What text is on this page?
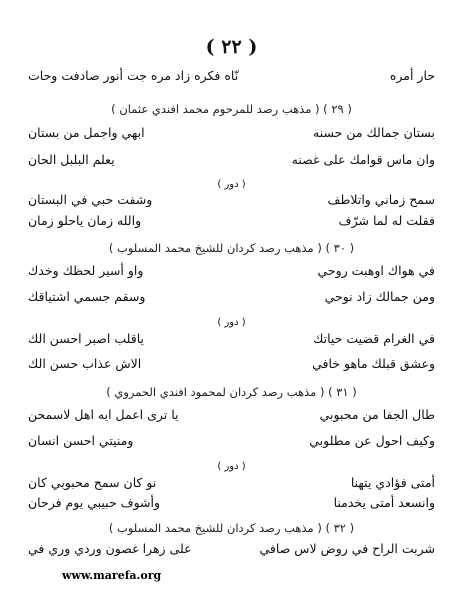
( ٢٢ )
حار أمره
نّاه فكره زاد مره جت أنور صادفت وحات
( ٢٩ ) ( مذهب رصد للمرحوم محمد افندي عثمان )
بستان جمالك من حسنه
ابهي واجمل من بستان
وان ماس قوامك على غصنه
يعلم البلبل الحان
( دور )
سمح زماني واتلاطف
وشفت حبي في البستان
فقلت له لما شرّف
والله زمان ياحلو زمان
( ٣٠ ) ( مذهب رصد كردان للشيخ محمد المسلوب )
في هواك اوهبت روحي
واو أسير لحظك وخدك
ومن جمالك زاد نوحي
وسقم جسمي اشتياقك
( دور )
في الغرام قضيت حياتك
ياقلب اصبر احسن الك
وعشق قبلك ماهو خافي
الاش عذاب حسن الك
( ٣١ ) ( مذهب رصد كردان لمحمود افندي الحمروي )
طال الجفا من محبوبي
يا ترى اعمل ايه اهل لاسمحن
وكيف احول عن مطلوبي
ومنيتي احسن انسان
( دور )
أمتى فؤادي يتهنا
نو كان سمح محبوبي كان
وانسعد أمتى يخدمنا
وأشوف حبيبي يوم فرحان
( ٣٢ ) ( مذهب رصد كردان للشيخ محمد المسلوب )
شربت الراح في روض لاس صافي
على زهرا غصون وردي وري في
www.marefa.org
